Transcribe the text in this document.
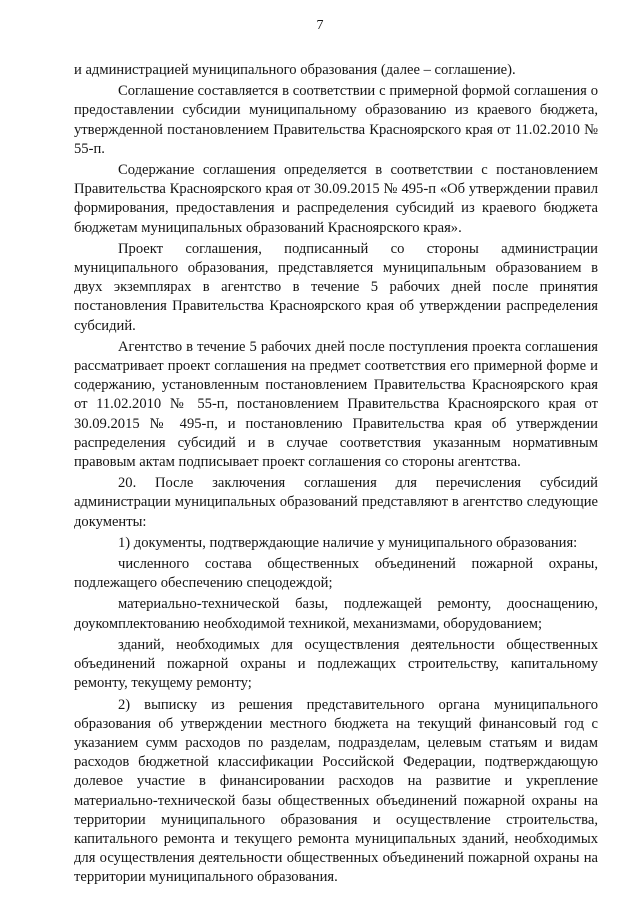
7

и администрацией муниципального образования (далее – соглашение).

Соглашение составляется в соответствии с примерной формой соглашения о предоставлении субсидии муниципальному образованию из краевого бюджета, утвержденной постановлением Правительства Красноярского края от 11.02.2010 № 55-п.

Содержание соглашения определяется в соответствии с постановлением Правительства Красноярского края от 30.09.2015 № 495-п «Об утверждении правил формирования, предоставления и распределения субсидий из краевого бюджета бюджетам муниципальных образований Красноярского края».

Проект соглашения, подписанный со стороны администрации муниципального образования, представляется муниципальным образованием в двух экземплярах в агентство в течение 5 рабочих дней после принятия постановления Правительства Красноярского края об утверждении распределения субсидий.

Агентство в течение 5 рабочих дней после поступления проекта соглашения рассматривает проект соглашения на предмет соответствия его примерной форме и содержанию, установленным постановлением Правительства Красноярского края от 11.02.2010 № 55-п, постановлением Правительства Красноярского края от 30.09.2015 № 495-п, и постановлению Правительства края об утверждении распределения субсидий и в случае соответствия указанным нормативным правовым актам подписывает проект соглашения со стороны агентства.

20. После заключения соглашения для перечисления субсидий администрации муниципальных образований представляют в агентство следующие документы:

1) документы, подтверждающие наличие у муниципального образования:

численного состава общественных объединений пожарной охраны, подлежащего обеспечению спецодеждой;

материально-технической базы, подлежащей ремонту, дооснащению, доукомплектованию необходимой техникой, механизмами, оборудованием;

зданий, необходимых для осуществления деятельности общественных объединений пожарной охраны и подлежащих строительству, капитальному ремонту, текущему ремонту;

2) выписку из решения представительного органа муниципального образования об утверждении местного бюджета на текущий финансовый год с указанием сумм расходов по разделам, подразделам, целевым статьям и видам расходов бюджетной классификации Российской Федерации, подтверждающую долевое участие в финансировании расходов на развитие и укрепление материально-технической базы общественных объединений пожарной охраны на территории муниципального образования и осуществление строительства, капитального ремонта и текущего ремонта муниципальных зданий, необходимых для осуществления деятельности общественных объединений пожарной охраны на территории муниципального образования.
